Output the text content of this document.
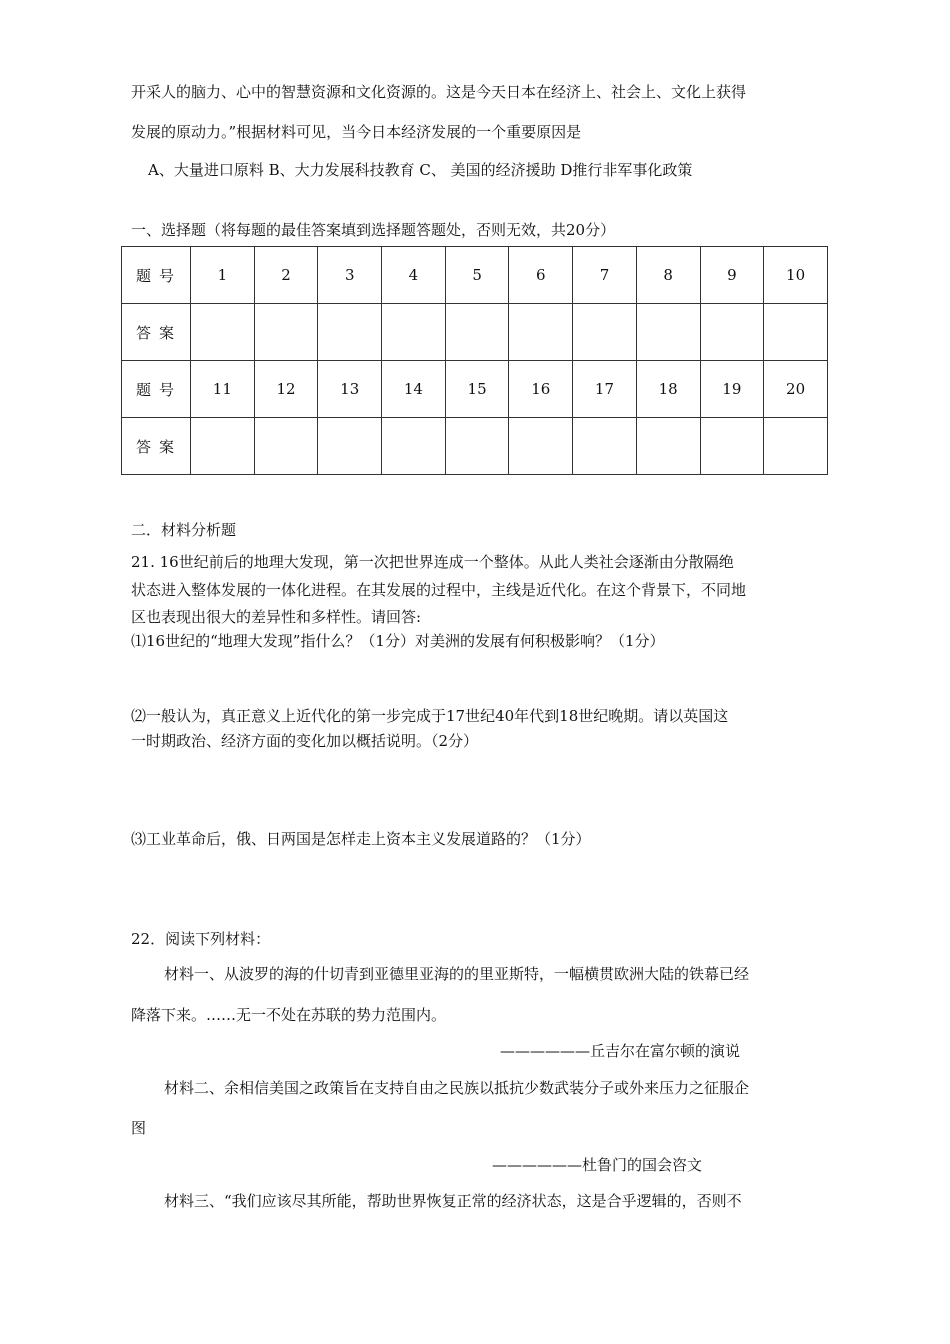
开采人的脑力、心中的智慧资源和文化资源的。这是今天日本在经济上、社会上、文化上获得
发展的原动力。”根据材料可见，当今日本经济发展的一个重要原因是
A、大量进口原料 B、大力发展科技教育 C、 美国的经济援助 D推行非军事化政策
一、选择题（将每题的最佳答案填到选择题答题处，否则无效，共20分）
题号	1	2	3	4	5	6	7	8	9	10
答案										
题号	11	12	13	14	15	16	17	18	19	20
答案										
二．材料分析题
21. 16世纪前后的地理大发现，第一次把世界连成一个整体。从此人类社会逐渐由分散隔绝
状态进入整体发展的一体化进程。在其发展的过程中，主线是近代化。在这个背景下，不同地
区也表现出很大的差异性和多样性。请回答:
⑴16世纪的“地理大发现”指什么？（1分）对美洲的发展有何积极影响？（1分）
⑵一般认为，真正意义上近代化的第一步完成于17世纪40年代到18世纪晚期。请以英国这
一时期政治、经济方面的变化加以概括说明。（2分）
⑶工业革命后，俄、日两国是怎样走上资本主义发展道路的？（1分）
22．阅读下列材料：
材料一、从波罗的海的什切青到亚德里亚海的的里亚斯特，一幅横贯欧洲大陆的铁幕已经
降落下来。……无一不处在苏联的势力范围内。
——————丘吉尔在富尔顿的演说
材料二、余相信美国之政策旨在支持自由之民族以抵抗少数武装分子或外来压力之征服企
图
——————杜鲁门的国会咨文
材料三、“我们应该尽其所能，帮助世界恢复正常的经济状态，这是合乎逻辑的，否则不
